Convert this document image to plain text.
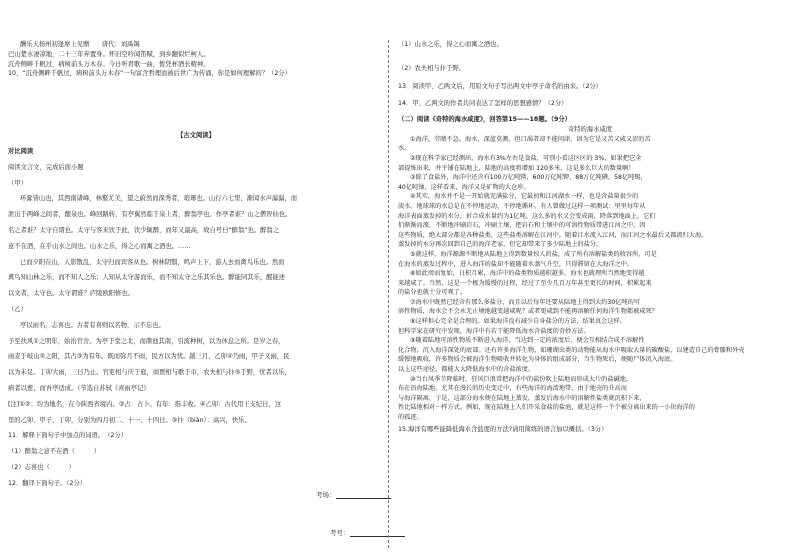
酬乐天扬州初逢席上见赠　　唐代：刘禹锡
巴山楚水凄凉地，二十三年弃置身。怀旧空吟闻笛赋，到乡翻似烂柯人。
沉舟侧畔千帆过，病树前头万木春。今日听君歌一曲，暂凭杯酒长精神。
10、“沉舟侧畔千帆过，病树前头万木春”一句富含哲理而被后世广为传诵，你是如何理解的？（2分）
【古文阅读】
对比阅读
阅读文言文，完成后面小题
（甲）
环滁皆山也，其西南诸峰，林壑尤美，望之蔚然而深秀者，琅琊也。山行六七里，渐闻水声潺潺，而
泄出于两峰之间者，酿泉也。峰回路转，有亭翼然临于泉上者，醉翁亭也。作亭者谁？山之僧智仙也。
名之者谁？太守自谓也。太守与客来饮于此，饮少辄醉，而年又最高，故自号曰“醉翁”也。醉翁之
意不在酒，在乎山水之间也。山水之乐，得之心而寓之酒也。……
已而夕阳在山，人影散乱，太守归而宾客从也。树林阴翳，鸣声上下，游人去而禽鸟乐也。然而
禽鸟知山林之乐，而不知人之乐；人知从太守游而乐，而不知太守之乐其乐也。醉能同其乐，醒能述
以文者，太守也。太守谓谁？庐陵欧阳修也。
（乙）
亭以雨名，志喜也。古者有喜则以名物，示不忘也。
予至扶风①之明年，始治官舍。为亭于堂之北，而凿池其南，引流种树，以为休息之所。是岁之春，
雨麦于岐山②之阳，其占③为有年。既而弥月不雨，民方以为忧。越三月，乙卯④乃雨，甲子又雨，民
以为未足。丁卯大雨，三日乃止。官吏相与庆于庭，商贾相与歌于市，农夫相与抃⑤于野，忧者以乐，
病者以愈，而吾亭适成。（节选自苏轼《喜雨亭记》
[注]①②：均为地名，在今陕西省境内。③占：占卜。有年：指丰收。④乙卯：古代用干支纪日，这
里的乙卯、甲子、丁卯，分别为四月初二、十一、十四日。⑤抃（biàn）：高兴，快乐。
11．解释下面句子中加点的词语。　（2分）
（1）醉翁之意不在酒（　　　）
（2）志喜也（　　　）
12．翻译下面句子。（2分）
考场：
考号：
（1）山水之乐，得之心而寓之酒也。
（2）农夫相与抃于野。
13．阅读甲、乙两文后，用原文句子写出两文中亭子命名的由来。（2分）
14．甲、乙两文的作者共同表达了怎样的思想感情？（2分）
（二）阅读《奇特的海水咸度》，回答第15——18题。（9分）
奇特的海水咸度
①海洋，劳睛不急。海水，深蓝莫测。但口渴者却不能问津，因为它是又苦又咸又涩的苦
水。
②现在科学家已经测出，海水有3%左右是食盐，可别小看这区区的 3%，如果把它全
部提炼出来，并平铺在陆地上，陆地的高度将增加 120多米，这是多么巨大的数量啊！
③除了食盐外，海洋中还含有100万亿吨镁，600万亿吨钾，88万亿吨碘，58亿吨锡，
40亿吨铀，这样看来，海洋又是矿物的大仓库。
④其实，海水并不是一开始就充满盐分，它最初和江河湖水一样，也是含盐量很少的
淡水。地球球的水总是在不停地运动，不停地循环。有人曾做过这样一项测试：里里每年从
海洋表面蒸发掉的水分，折合成水量约为1亿吨。这么多的水又会变成雨，降落到地面上，它们
们渐渐而流，不断地冲刷岩石，冲刷土壤，把岩石和土壤中的可溶性物质带进江河之中，因
这些物质，绝大部分都是各种盐类，这些盐类溶解在江河中，随着江水流入江河，而江河之水最后又都流归大海。
蒸发掉的水分再次回到自己的海洋老家，但它却带来了多少陆地上的盐分。
⑤就这样，海洋源源不断地从陆地上得到数量惊人的盐，成了所有溶解盐类的收容所，可是
在海水的蒸发过程中，进入海洋的盐却不能随着水蒸气升空，只得滞留在大海洋之中。
⑥如此周而复始，日积月累，海洋中的盐类物质越积越多，海水也就理所当然地变得越
来越咸了。当然，这是一个极为缓慢的过程，经过了至少几百万年甚至更长的时间，积累起来
的盐分也就十分可观了。
⑦海水中既然已经含有那么多盐分，而且以后每年还要从陆地上得到大约30亿吨的可
溶性物质，海水会不会永无止境地越变越咸呢？或者更咸到不能再溶解任何海洋生物都被咸死？
⑧这样担心完全是合理的。如果海洋没有减少自身盐分的方法，结果真会这样。
但科学家在研究中发现，海洋中有若干能降低海水含盐度的奇妙方法。
⑨随着陆地可溶性物质不断进入海洋，当达到一定的浓度后，便会互相结合成不溶解性
化合物，沉入海洋深处的底部。还有许多海洋生物，如珊瑚虫类的动物能从海水中吸取大量的碳酸盐，以建造自己的骨骼和外壳
缓慢地吸收，许多物质会被海洋生物吸收并转化为身体的组成部分，当生物死后，便随尸体沉入海底。
以上这些途径，都能大大降低海水中的含盐浓度。
⑩当台风季节降临时，狂风巨浪常把海洋中的盐份吹上陆地而形成大片的盐碱地，
布在沿海陆地。尤其在漫长的历史变迁中，有些海洋的海湾地带，由于地壳的升高而
与海洋隔离，于是，这部分海水便在陆地上蒸发，蒸发后海水中的溶解性盐类就沉积下来，
性比陆地相对一样方式。例如，现在陆地上人们开采食盐的盐池，就是这样一个个被分离出来的一小块海洋的
的孤迹。
15.海洋有哪些能降低海水含盐度的方法?请用简练的语言加以概括。（3分）
